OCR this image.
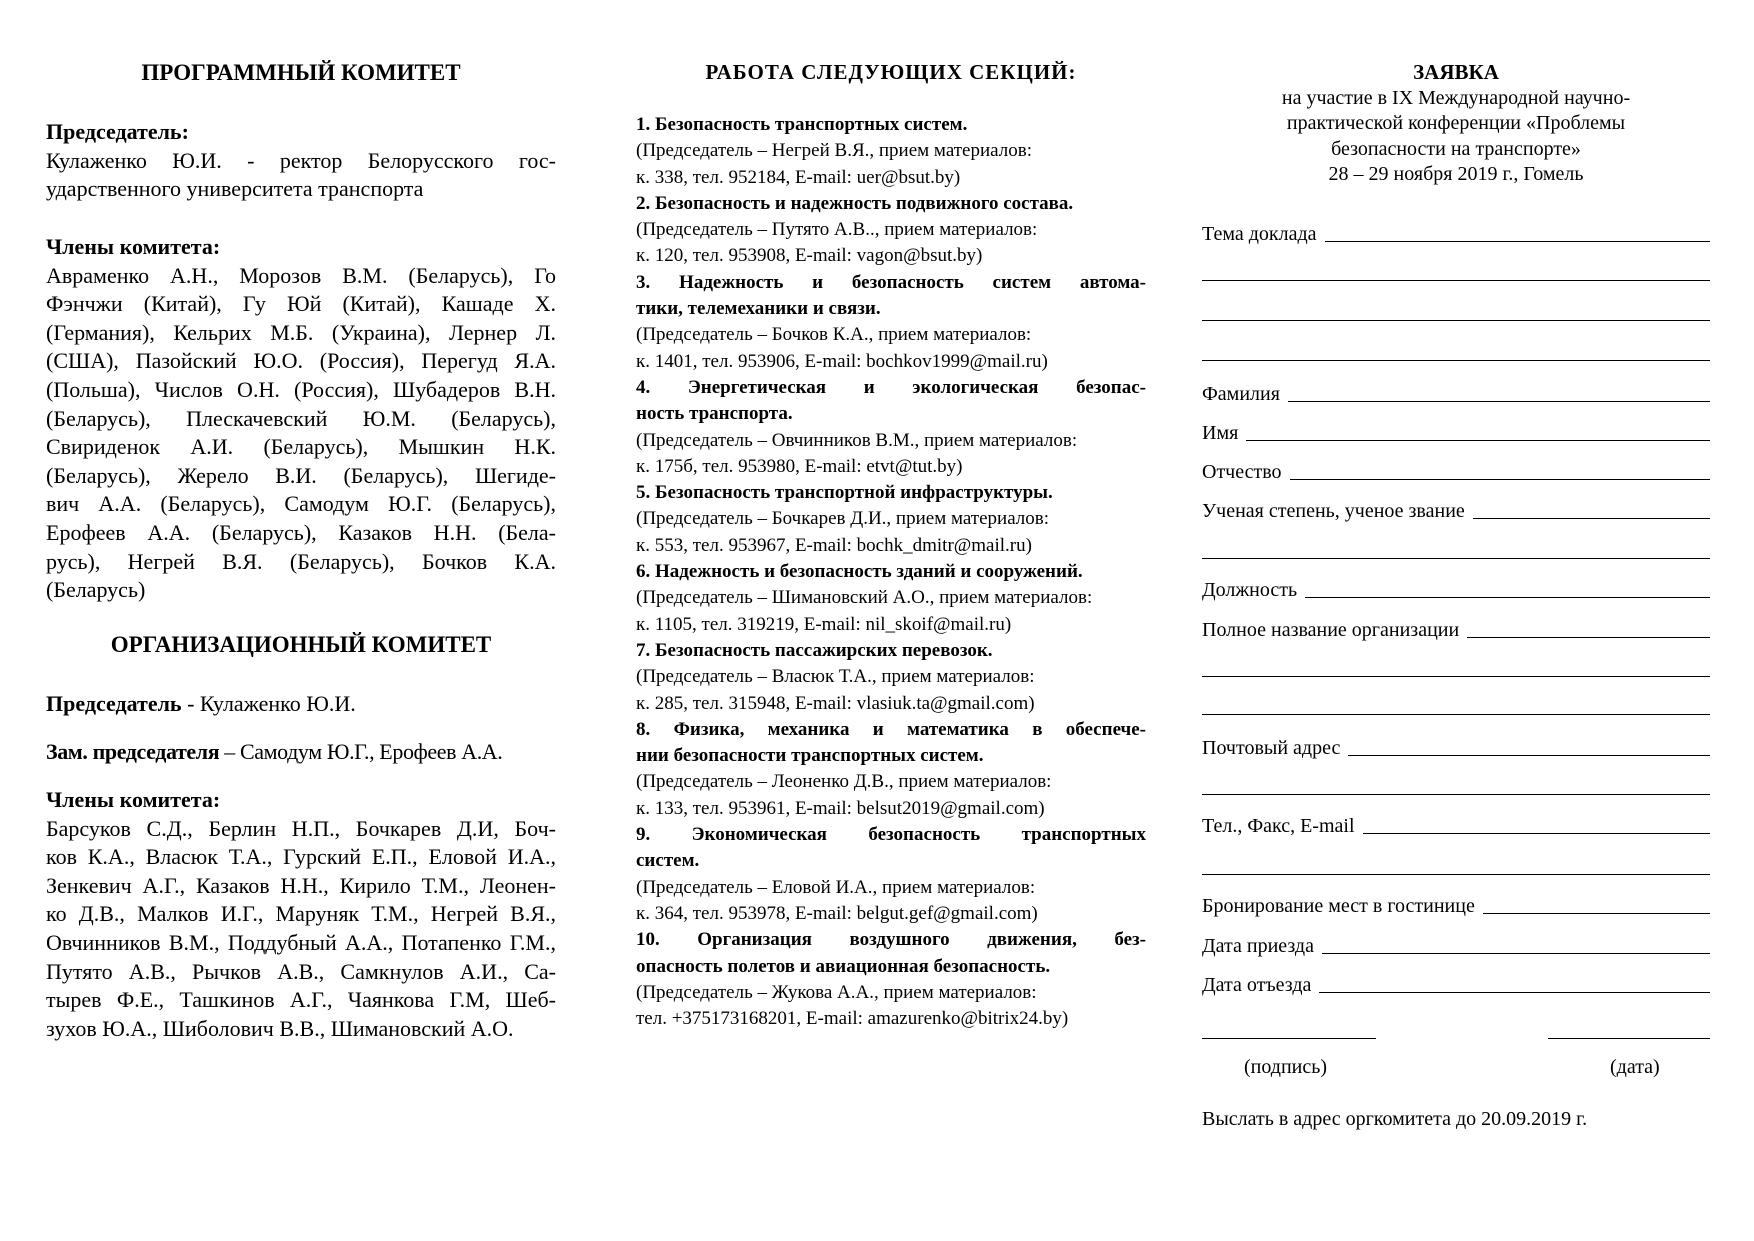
ПРОГРАММНЫЙ КОМИТЕТ
Председатель:
Кулаженко Ю.И. - ректор Белорусского гос-
ударственного университета транспорта
Члены комитета:
Авраменко А.Н., Морозов В.М. (Беларусь), Го
Фэнчжи (Китай), Гу Юй (Китай), Кашаде Х.
(Германия), Кельрих М.Б. (Украина), Лернер Л.
(США), Пазойский Ю.О. (Россия), Перегуд Я.А.
(Польша), Числов О.Н. (Россия), Шубадеров В.Н.
(Беларусь), Плескачевский Ю.М. (Беларусь),
Свириденок А.И. (Беларусь), Мышкин Н.К.
(Беларусь), Жерело В.И. (Беларусь), Шегиде-
вич А.А. (Беларусь), Самодум Ю.Г. (Беларусь),
Ерофеев А.А. (Беларусь), Казаков Н.Н. (Бела-
русь), Негрей В.Я. (Беларусь), Бочков К.А.
(Беларусь)
ОРГАНИЗАЦИОННЫЙ КОМИТЕТ
Председатель - Кулаженко Ю.И.
Зам. председателя – Самодум Ю.Г., Ерофеев А.А.
Члены комитета:
Барсуков С.Д., Берлин Н.П., Бочкарев Д.И, Боч-
ков К.А., Власюк Т.А., Гурский Е.П., Еловой И.А.,
Зенкевич А.Г., Казаков Н.Н., Кирило Т.М., Леонен-
ко Д.В., Малков И.Г., Маруняк Т.М., Негрей В.Я.,
Овчинников В.М., Поддубный А.А., Потапенко Г.М.,
Путято А.В., Рычков А.В., Самкнулов А.И., Са-
тырев Ф.Е., Ташкинов А.Г., Чаянкова Г.М, Шеб-
зухов Ю.А., Шиболович В.В., Шимановский А.О.
РАБОТА СЛЕДУЮЩИХ СЕКЦИЙ:
1. Безопасность транспортных систем.
(Председатель – Негрей В.Я., прием материалов:
к. 338, тел. 952184, E-mail: uer@bsut.by)
2. Безопасность и надежность подвижного состава.
(Председатель – Путято А.В.., прием материалов:
к. 120, тел. 953908, E-mail: vagon@bsut.by)
3. Надежность и безопасность систем автома-
тики, телемеханики и связи.
(Председатель – Бочков К.А., прием материалов:
к. 1401, тел. 953906, E-mail: bochkov1999@mail.ru)
4. Энергетическая и экологическая безопас-
ность транспорта.
(Председатель – Овчинников В.М., прием материалов:
к. 175б, тел. 953980, E-mail: etvt@tut.by)
5. Безопасность транспортной инфраструктуры.
(Председатель – Бочкарев Д.И., прием материалов:
к. 553, тел. 953967, E-mail: bochk_dmitr@mail.ru)
6. Надежность и безопасность зданий и сооружений.
(Председатель – Шимановский А.О., прием материалов:
к. 1105, тел. 319219, E-mail: nil_skoif@mail.ru)
7. Безопасность пассажирских перевозок.
(Председатель – Власюк Т.А., прием материалов:
к. 285, тел. 315948, E-mail: vlasiuk.ta@gmail.com)
8. Физика, механика и математика в обеспече-
нии безопасности транспортных систем.
(Председатель – Леоненко Д.В., прием материалов:
к. 133, тел. 953961, E-mail: belsut2019@gmail.com)
9. Экономическая безопасность транспортных
систем.
(Председатель – Еловой И.А., прием материалов:
к. 364, тел. 953978, E-mail: belgut.gef@gmail.com)
10. Организация воздушного движения, без-
опасность полетов и авиационная безопасность.
(Председатель – Жукова А.А., прием материалов:
тел. +375173168201, E-mail: amazurenko@bitrix24.by)
ЗАЯВКА
на участие в IX Международной научно-
практической конференции «Проблемы
безопасности на транспорте»
28 – 29 ноября 2019 г., Гомель
Тема доклада
Фамилия
Имя
Отчество
Ученая степень, ученое звание
Должность
Полное название организации
Почтовый адрес
Тел., Факс, E-mail
Бронирование мест в гостинице
Дата приезда
Дата отъезда
(подпись)	(дата)
Выслать в адрес оргкомитета до 20.09.2019 г.
